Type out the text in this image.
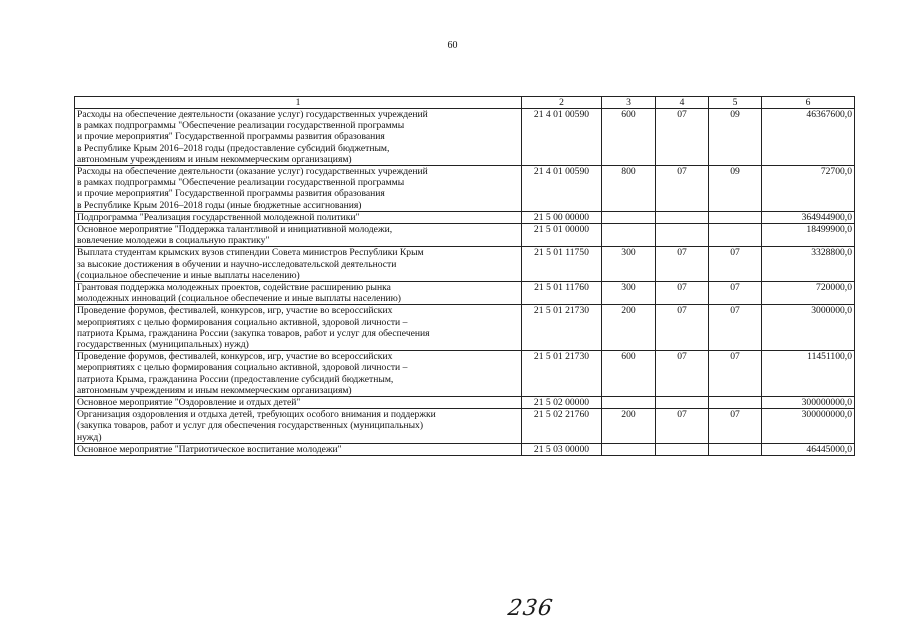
60
1	2	3	4	5	6
Расходы на обеспечение деятельности (оказание услуг) государственных учреждений
в рамках подпрограммы "Обеспечение реализации государственной программы
и прочие мероприятия" Государственной программы развития образования
в Республике Крым 2016–2018 годы (предоставление субсидий бюджетным,
автономным учреждениям и иным некоммерческим организациям)	21 4 01 00590	600	07	09	46367600,0
Расходы на обеспечение деятельности (оказание услуг) государственных учреждений
в рамках подпрограммы "Обеспечение реализации государственной программы
и прочие мероприятия" Государственной программы развития образования
в Республике Крым 2016–2018 годы (иные бюджетные ассигнования)	21 4 01 00590	800	07	09	72700,0
Подпрограмма "Реализация государственной молодежной политики"	21 5 00 00000				364944900,0
Основное мероприятие "Поддержка талантливой и инициативной молодежи,
вовлечение молодежи в социальную практику"	21 5 01 00000				18499900,0
Выплата студентам крымских вузов стипендии Совета министров Республики Крым
за высокие достижения в обучении и научно-исследовательской деятельности
(социальное обеспечение и иные выплаты населению)	21 5 01 11750	300	07	07	3328800,0
Грантовая поддержка молодежных проектов, содействие расширению рынка
молодежных инноваций (социальное обеспечение и иные выплаты населению)	21 5 01 11760	300	07	07	720000,0
Проведение форумов, фестивалей, конкурсов, игр, участие во всероссийских
мероприятиях с целью формирования социально активной, здоровой личности –
патриота Крыма, гражданина России (закупка товаров, работ и услуг для обеспечения
государственных (муниципальных) нужд)	21 5 01 21730	200	07	07	3000000,0
Проведение форумов, фестивалей, конкурсов, игр, участие во всероссийских
мероприятиях с целью формирования социально активной, здоровой личности –
патриота Крыма, гражданина России (предоставление субсидий бюджетным,
автономным учреждениям и иным некоммерческим организациям)	21 5 01 21730	600	07	07	11451100,0
Основное мероприятие "Оздоровление и отдых детей"	21 5 02 00000				300000000,0
Организация оздоровления и отдыха детей, требующих особого внимания и поддержки
(закупка товаров, работ и услуг для обеспечения государственных (муниципальных)
нужд)	21 5 02 21760	200	07	07	300000000,0
Основное мероприятие "Патриотическое воспитание молодежи"	21 5 03 00000				46445000,0
236
